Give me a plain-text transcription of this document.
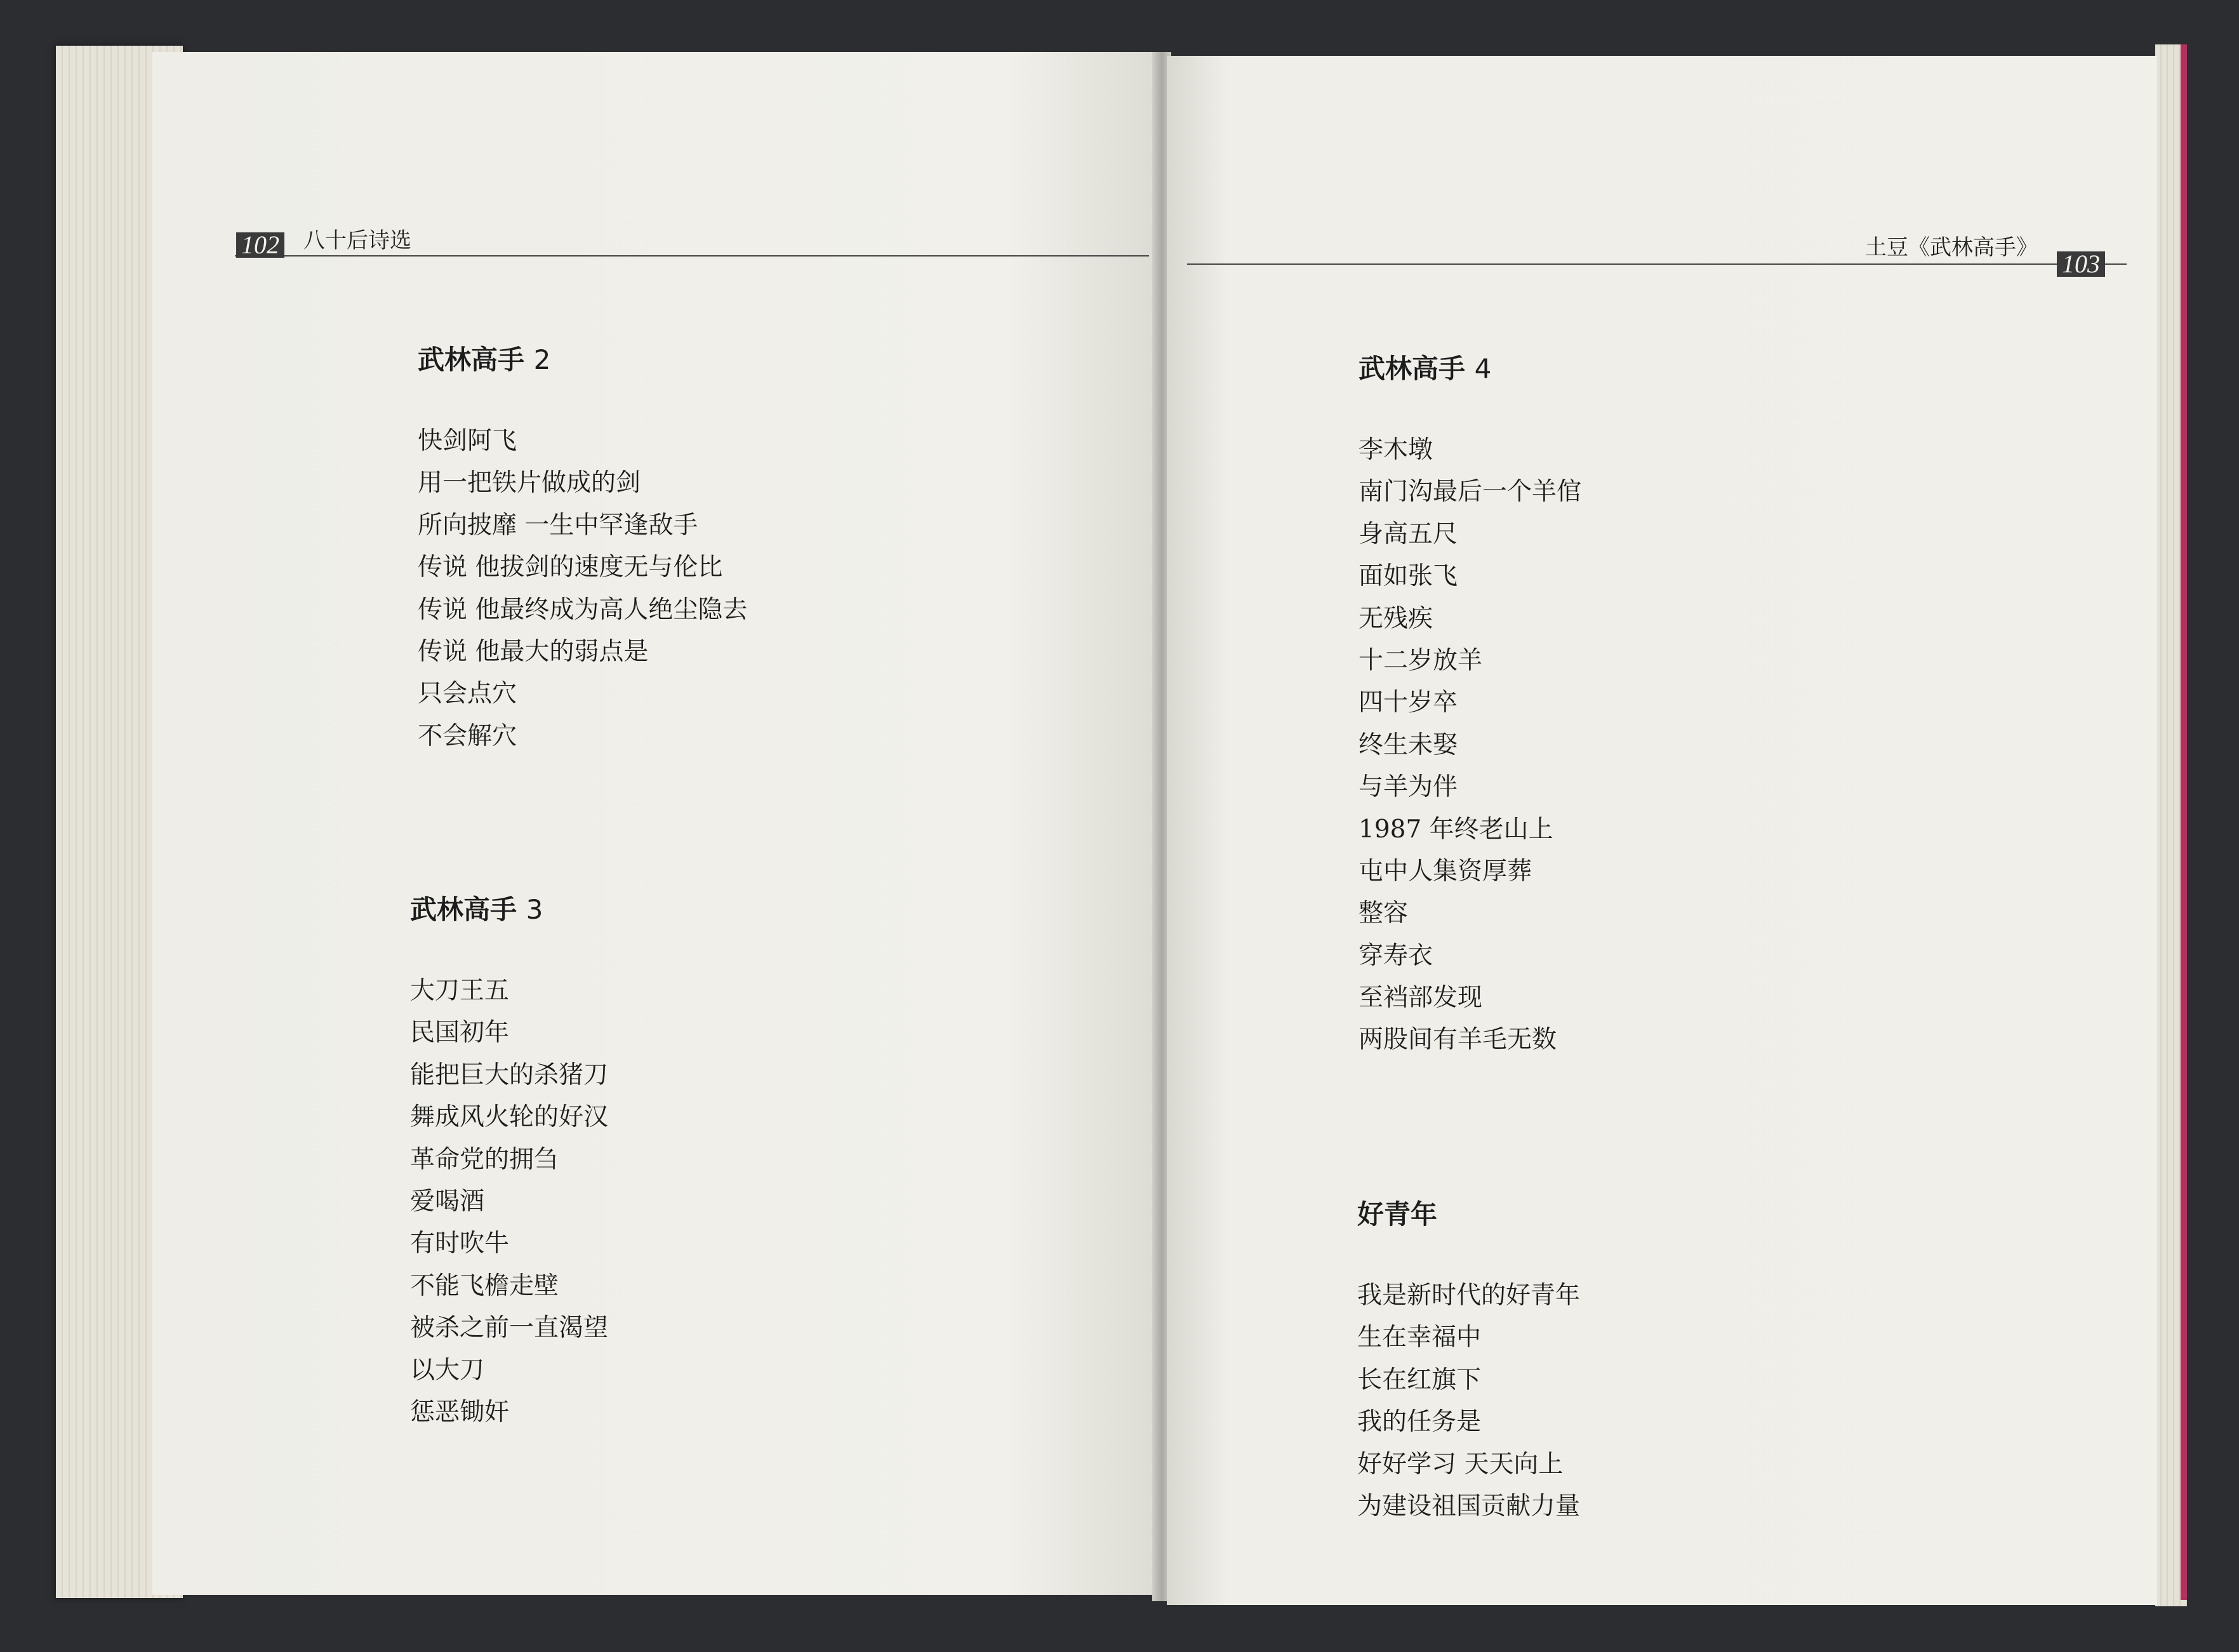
102 八十后诗选
武林高手 2
快剑阿飞
用一把铁片做成的剑
所向披靡 一生中罕逢敌手
传说 他拔剑的速度无与伦比
传说 他最终成为高人绝尘隐去
传说 他最大的弱点是
只会点穴
不会解穴
武林高手 3
大刀王五
民国初年
能把巨大的杀猪刀
舞成风火轮的好汉
革命党的拥刍
爱喝酒
有时吹牛
不能飞檐走壁
被杀之前一直渴望
以大刀
惩恶锄奸
103
土豆《武林高手》
武林高手 4
李木墩
南门沟最后一个羊倌
身高五尺
面如张飞
无残疾
十二岁放羊
四十岁卒
终生未娶
与羊为伴
1987 年终老山上
屯中人集资厚葬
整容
穿寿衣
至裆部发现
两股间有羊毛无数
好青年
我是新时代的好青年
生在幸福中
长在红旗下
我的任务是
好好学习 天天向上
为建设祖国贡献力量
